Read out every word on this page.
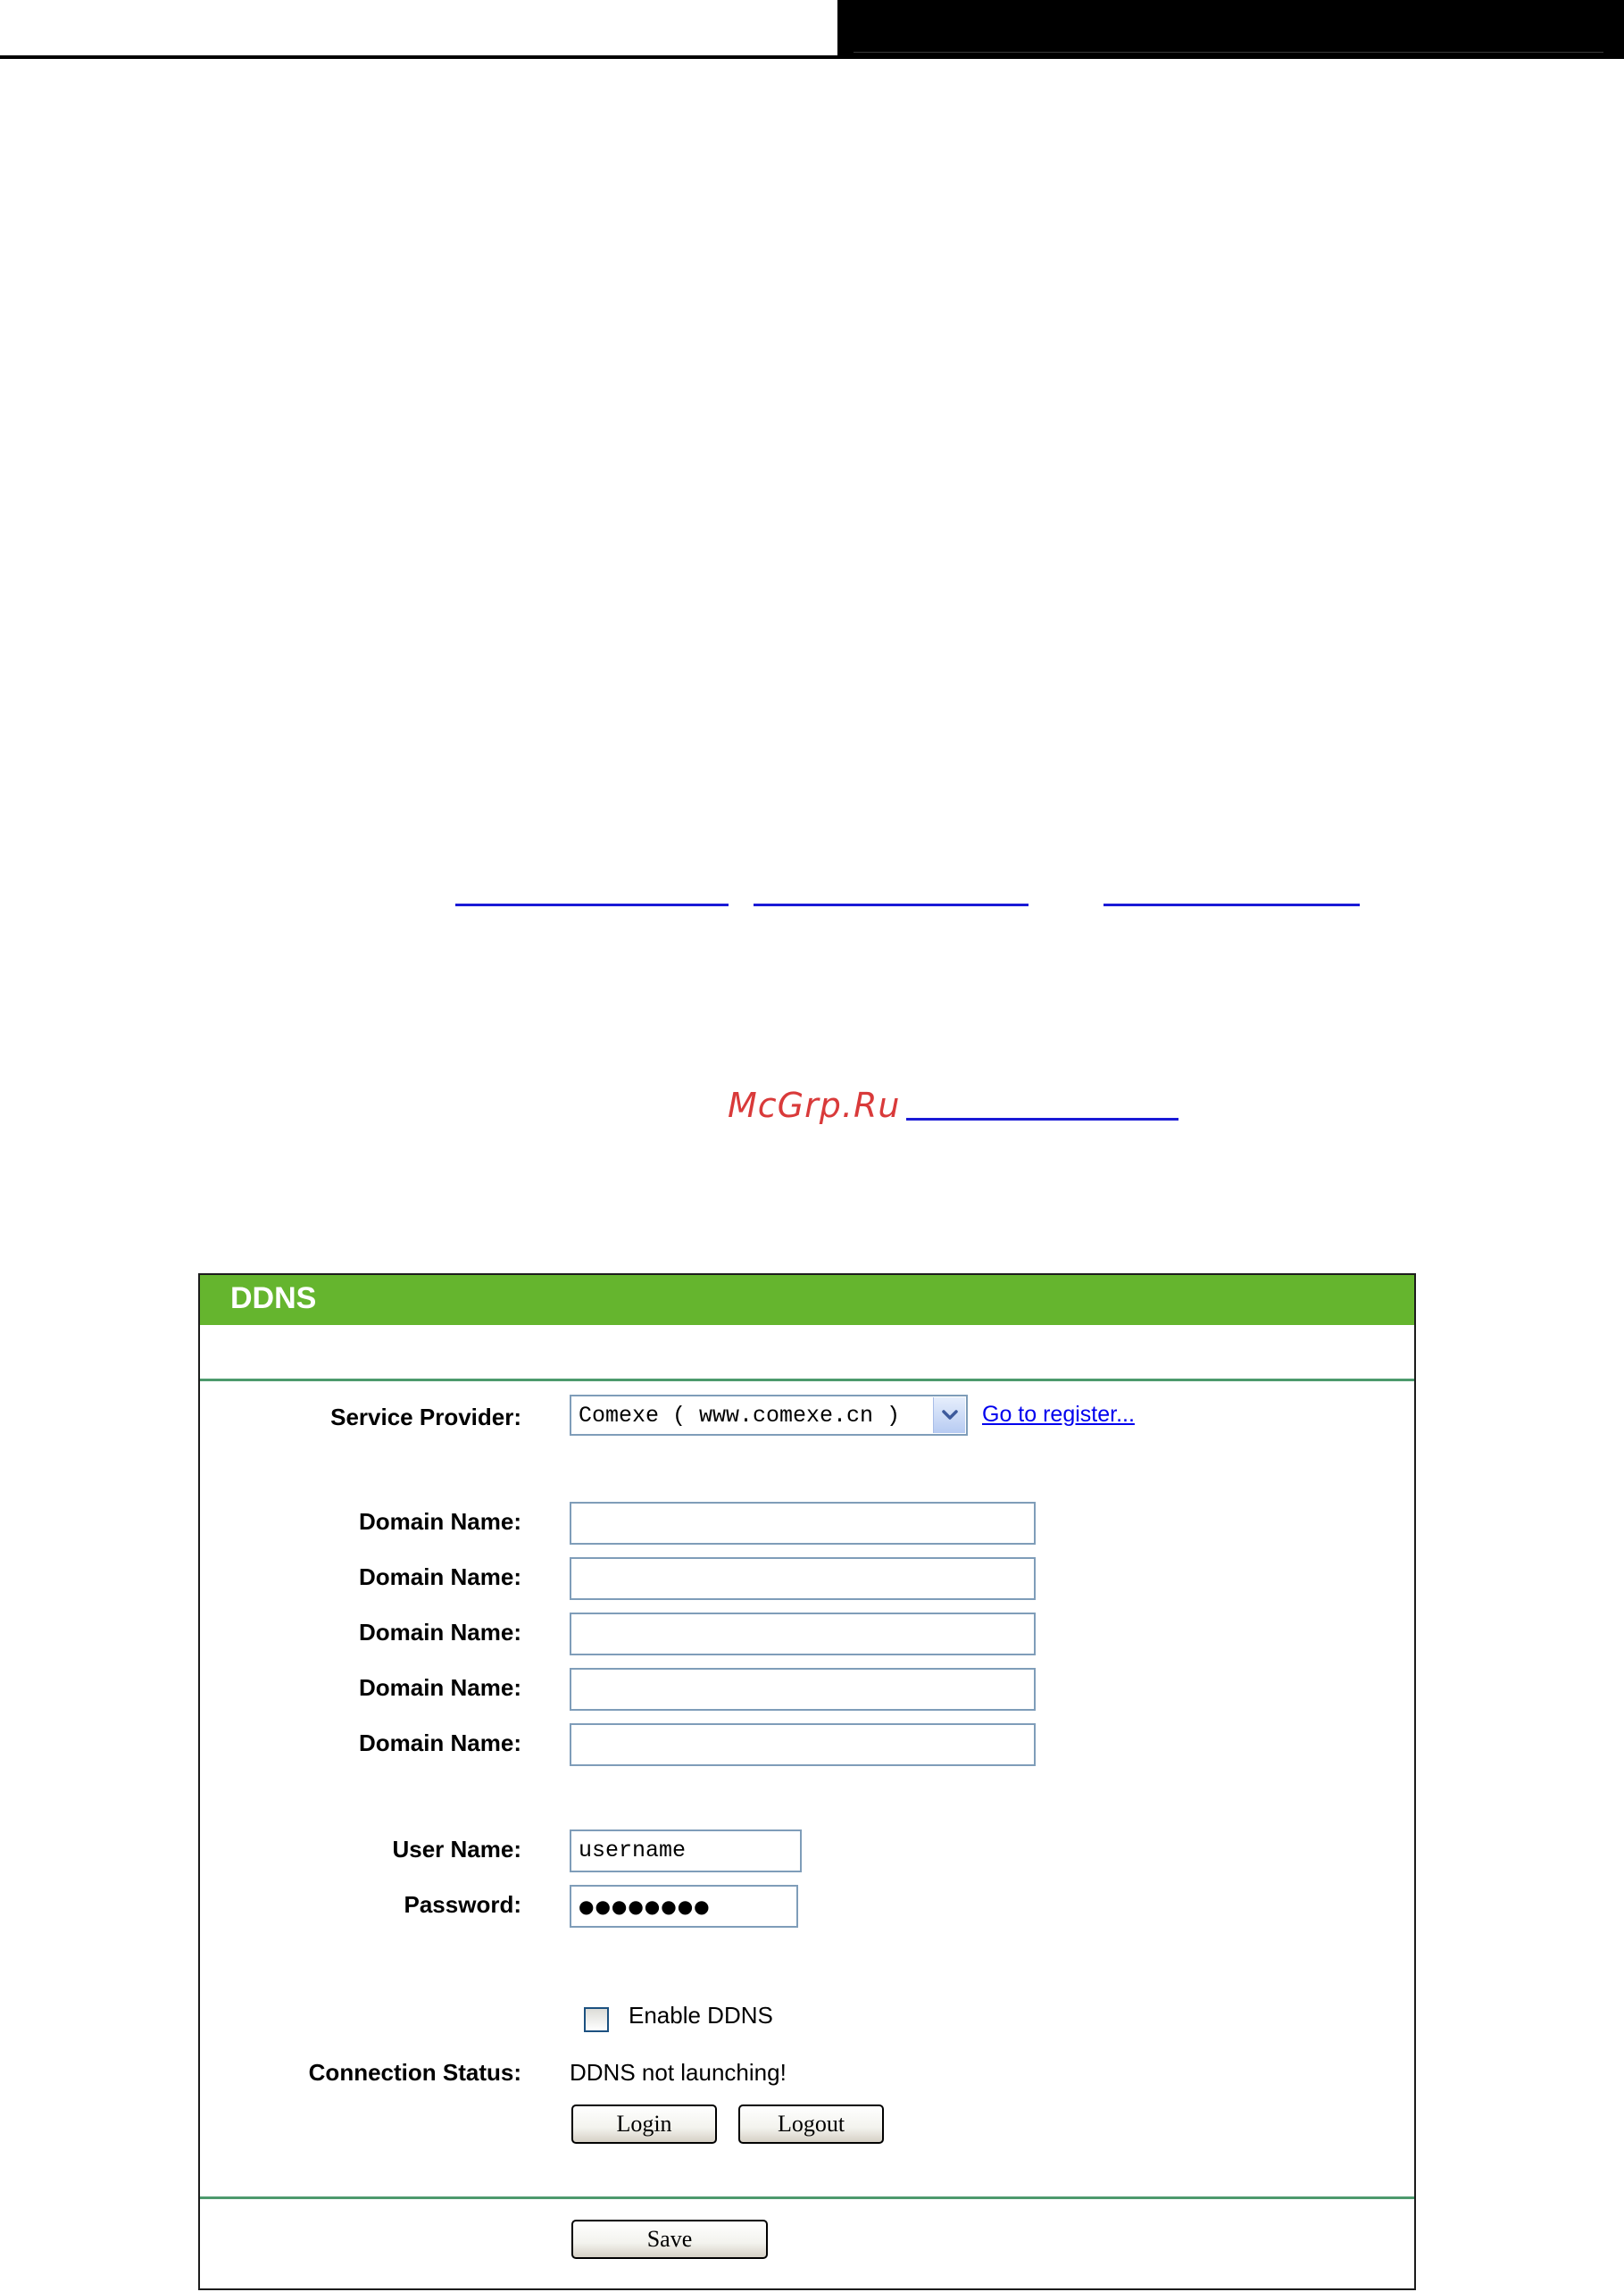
McGrp.Ru
DDNS
Service Provider:	Comexe ( www.comexe.cn )	Go to register...
Domain Name:
Domain Name:
Domain Name:
Domain Name:
Domain Name:
User Name:	username
Password:	●●●●●●●●
Enable DDNS
Connection Status: DDNS not launching!
Login	Logout
Save
